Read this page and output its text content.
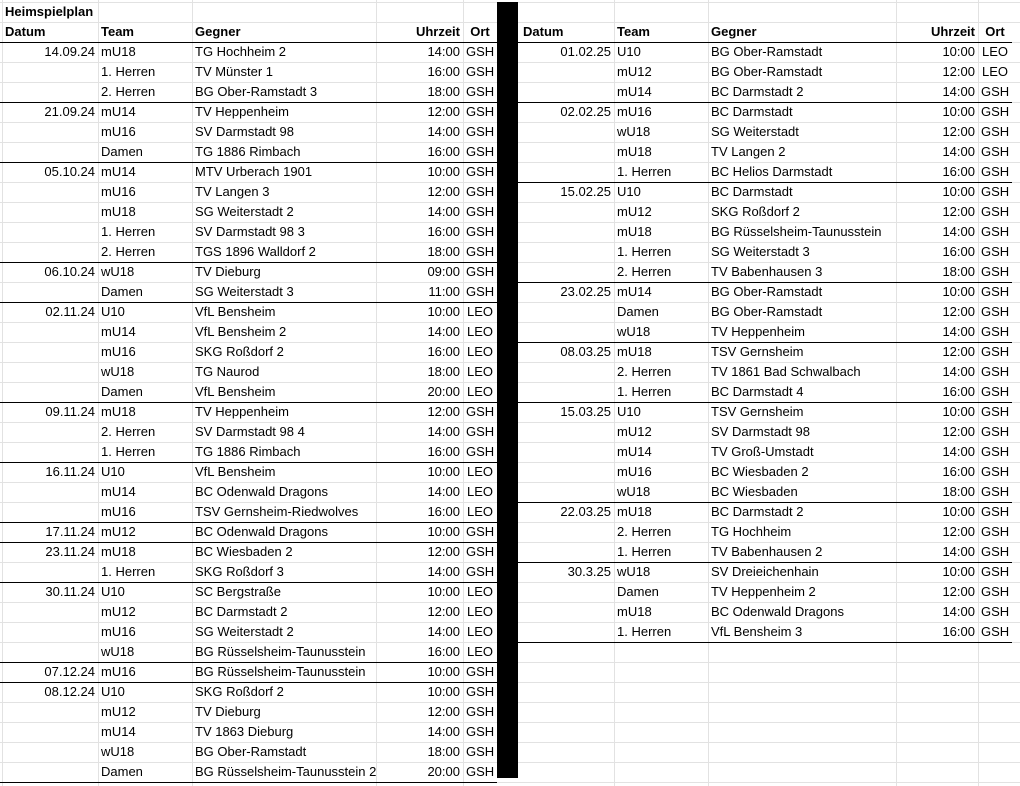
Heimspielplan
Datum	Team	Gegner	Uhrzeit Ort	Datum	Team	Gegner	Uhrzeit Ort
14.09.24 mU18	TG Hochheim 2	14:00 GSH
1. Herren	TV Münster 1	16:00 GSH
2. Herren	BG Ober-Ramstadt 3	18:00 GSH
21.09.24 mU14	TV Heppenheim	12:00 GSH
mU16	SV Darmstadt 98	14:00 GSH
Damen	TG 1886 Rimbach	16:00 GSH
05.10.24 mU14	MTV Urberach 1901	10:00 GSH
mU16	TV Langen 3	12:00 GSH
mU18	SG Weiterstadt 2	14:00 GSH
1. Herren	SV Darmstadt 98 3	16:00 GSH
2. Herren	TGS 1896 Walldorf 2	18:00 GSH
06.10.24 wU18	TV Dieburg	09:00 GSH
Damen	SG Weiterstadt 3	11:00 GSH
02.11.24 U10	VfL Bensheim	10:00 LEO
mU14	VfL Bensheim 2	14:00 LEO
mU16	SKG Roßdorf 2	16:00 LEO
wU18	TG Naurod	18:00 LEO
Damen	VfL Bensheim	20:00 LEO
09.11.24 mU18	TV Heppenheim	12:00 GSH
2. Herren	SV Darmstadt 98 4	14:00 GSH
1. Herren	TG 1886 Rimbach	16:00 GSH
16.11.24 U10	VfL Bensheim	10:00 LEO
mU14	BC Odenwald Dragons	14:00 LEO
mU16	TSV Gernsheim-Riedwolves	16:00 LEO
17.11.24 mU12	BC Odenwald Dragons	10:00 GSH
23.11.24 mU18	BC Wiesbaden 2	12:00 GSH
1. Herren	SKG Roßdorf 3	14:00 GSH
30.11.24 U10	SC Bergstraße	10:00 LEO
mU12	BC Darmstadt 2	12:00 LEO
mU16	SG Weiterstadt 2	14:00 LEO
wU18	BG Rüsselsheim-Taunusstein	16:00 LEO
07.12.24 mU16	BG Rüsselsheim-Taunusstein	10:00 GSH
08.12.24 U10	SKG Roßdorf 2	10:00 GSH
mU12	TV Dieburg	12:00 GSH
mU14	TV 1863 Dieburg	14:00 GSH
wU18	BG Ober-Ramstadt	18:00 GSH
Damen	BG Rüsselsheim-Taunusstein 2	20:00 GSH
01.02.25 U10	BG Ober-Ramstadt	10:00 LEO
mU12	BG Ober-Ramstadt	12:00 LEO
mU14	BC Darmstadt 2	14:00 GSH
02.02.25 mU16	BC Darmstadt	10:00 GSH
wU18	SG Weiterstadt	12:00 GSH
mU18	TV Langen 2	14:00 GSH
1. Herren	BC Helios Darmstadt	16:00 GSH
15.02.25 U10	BC Darmstadt	10:00 GSH
mU12	SKG Roßdorf 2	12:00 GSH
mU18	BG Rüsselsheim-Taunusstein	14:00 GSH
1. Herren	SG Weiterstadt 3	16:00 GSH
2. Herren	TV Babenhausen 3	18:00 GSH
23.02.25 mU14	BG Ober-Ramstadt	10:00 GSH
Damen	BG Ober-Ramstadt	12:00 GSH
wU18	TV Heppenheim	14:00 GSH
08.03.25 mU18	TSV Gernsheim	12:00 GSH
2. Herren	TV 1861 Bad Schwalbach	14:00 GSH
1. Herren	BC Darmstadt 4	16:00 GSH
15.03.25 U10	TSV Gernsheim	10:00 GSH
mU12	SV Darmstadt 98	12:00 GSH
mU14	TV Groß-Umstadt	14:00 GSH
mU16	BC Wiesbaden 2	16:00 GSH
wU18	BC Wiesbaden	18:00 GSH
22.03.25 mU18	BC Darmstadt 2	10:00 GSH
2. Herren	TG Hochheim	12:00 GSH
1. Herren	TV Babenhausen 2	14:00 GSH
30.3.25 wU18	SV Dreieichenhain	10:00 GSH
Damen	TV Heppenheim 2	12:00 GSH
mU18	BC Odenwald Dragons	14:00 GSH
1. Herren	VfL Bensheim 3	16:00 GSH
